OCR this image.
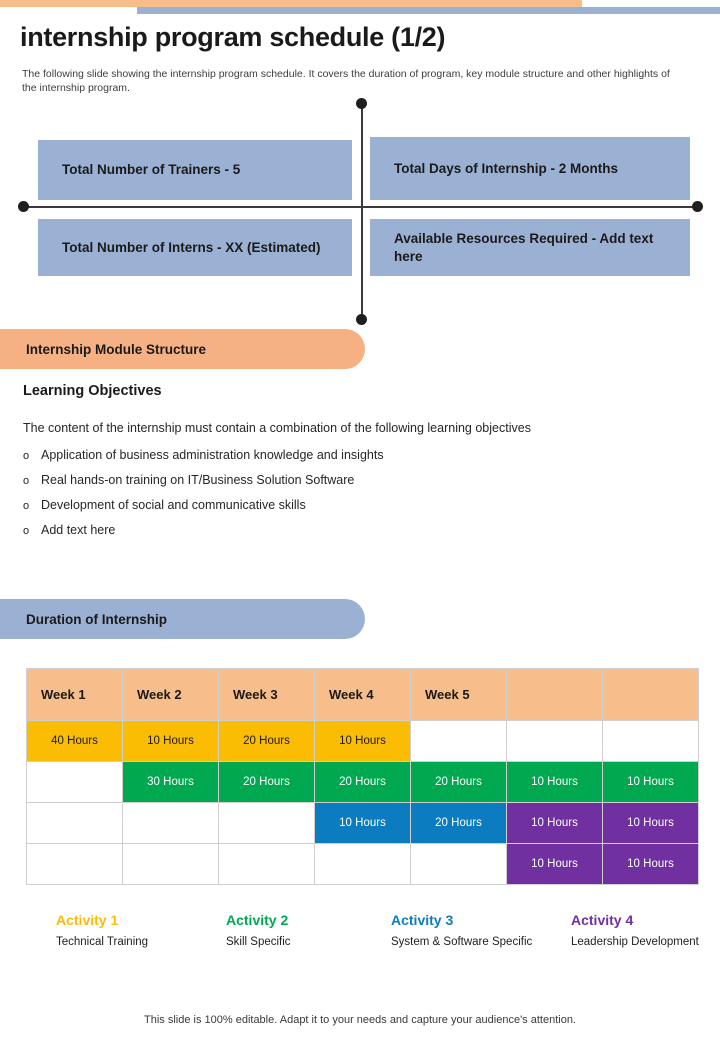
internship program schedule (1/2)
The following slide showing the internship program schedule. It covers the duration of program, key module structure and other highlights of the internship program.
Total Number of Trainers - 5	Total Days of Internship - 2 Months
Total Number of Interns - XX (Estimated)
Available Resources Required - Add text here
Internship Module Structure
Learning Objectives
The content of the internship must contain a combination of the following learning objectives
o Application of business administration knowledge and insights
o Real hands-on training on IT/Business Solution Software
o Development of social and communicative skills
o Add text here
Duration of Internship
Week 1	Week 2	Week 3	Week 4	Week 5		
40 Hours	10 Hours	20 Hours	10 Hours			
	30 Hours	20 Hours	20 Hours	20 Hours	10 Hours	10 Hours
			10 Hours	20 Hours	10 Hours	10 Hours
					10 Hours	10 Hours
Activity 1
Technical Training
Activity 2
Skill Specific
Activity 3
System & Software Specific
Activity 4
Leadership Development
This slide is 100% editable. Adapt it to your needs and capture your audience's attention.
